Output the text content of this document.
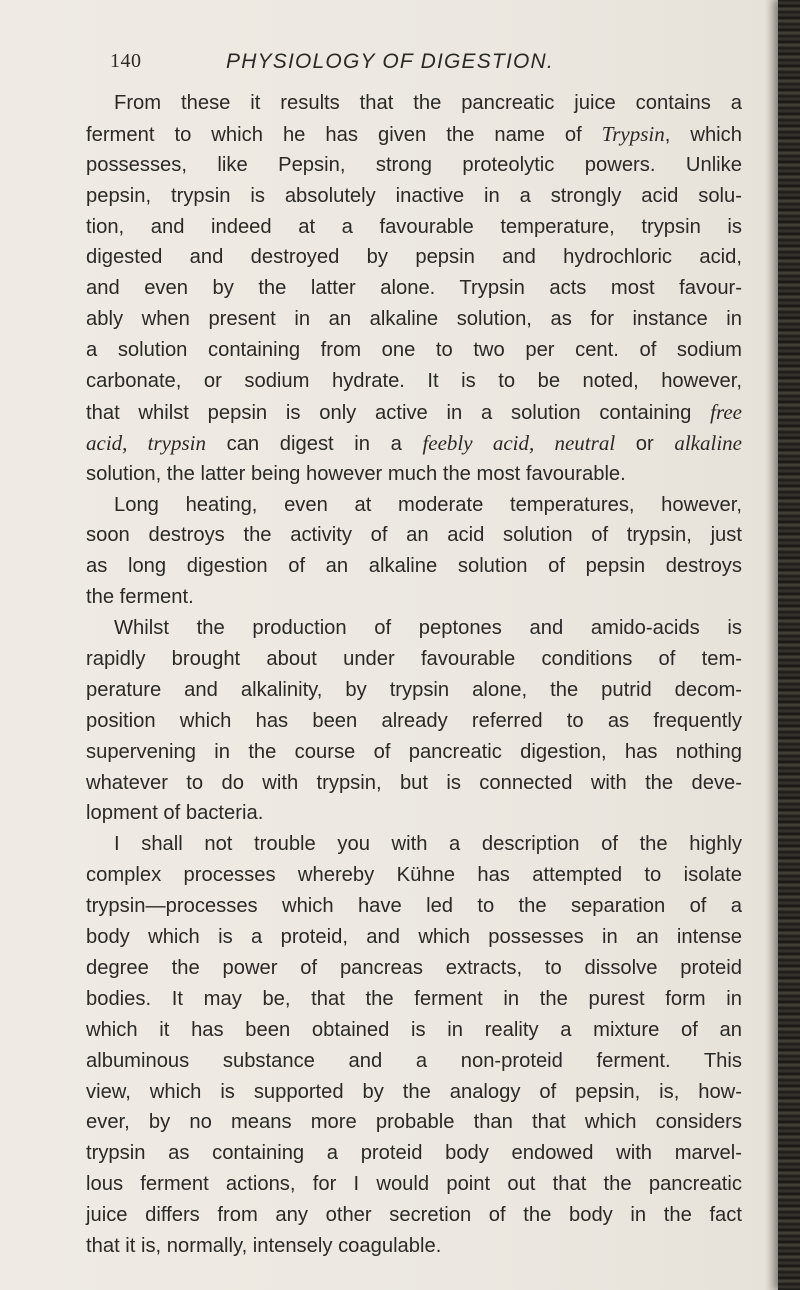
140	PHYSIOLOGY OF DIGESTION.
From these it results that the pancreatic juice contains a
ferment to which he has given the name of Trypsin, which
possesses, like Pepsin, strong proteolytic powers. Unlike
pepsin, trypsin is absolutely inactive in a strongly acid solu-
tion, and indeed at a favourable temperature, trypsin is
digested and destroyed by pepsin and hydrochloric acid,
and even by the latter alone. Trypsin acts most favour-
ably when present in an alkaline solution, as for instance in
a solution containing from one to two per cent. of sodium
carbonate, or sodium hydrate. It is to be noted, however,
that whilst pepsin is only active in a solution containing free
acid, trypsin can digest in a feebly acid, neutral or alkaline
solution, the latter being however much the most favourable.
Long heating, even at moderate temperatures, however,
soon destroys the activity of an acid solution of trypsin, just
as long digestion of an alkaline solution of pepsin destroys
the ferment.
Whilst the production of peptones and amido-acids is
rapidly brought about under favourable conditions of tem-
perature and alkalinity, by trypsin alone, the putrid decom-
position which has been already referred to as frequently
supervening in the course of pancreatic digestion, has nothing
whatever to do with trypsin, but is connected with the deve-
lopment of bacteria.
I shall not trouble you with a description of the highly
complex processes whereby Kühne has attempted to isolate
trypsin—processes which have led to the separation of a
body which is a proteid, and which possesses in an intense
degree the power of pancreas extracts, to dissolve proteid
bodies. It may be, that the ferment in the purest form in
which it has been obtained is in reality a mixture of an
albuminous substance and a non-proteid ferment. This
view, which is supported by the analogy of pepsin, is, how-
ever, by no means more probable than that which considers
trypsin as containing a proteid body endowed with marvel-
lous ferment actions, for I would point out that the pancreatic
juice differs from any other secretion of the body in the fact
that it is, normally, intensely coagulable.
